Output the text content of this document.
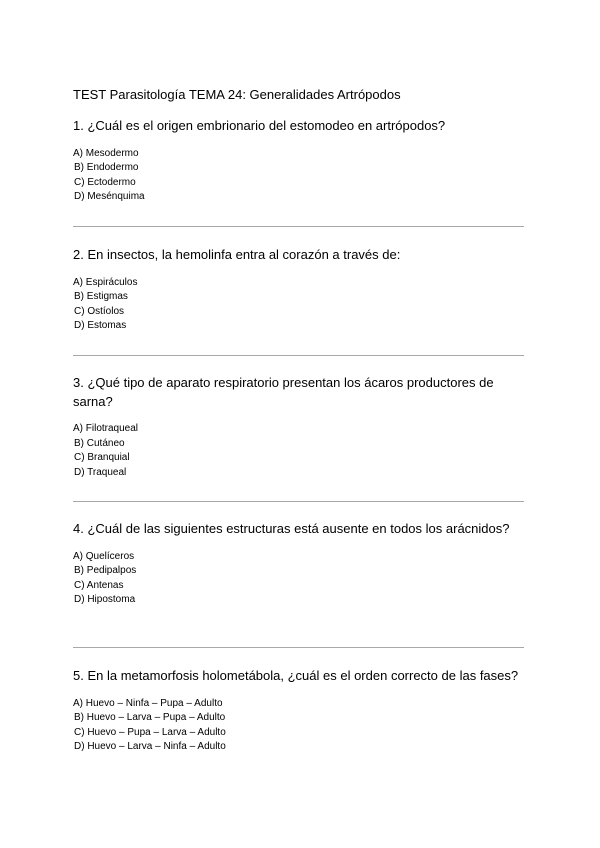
TEST Parasitología TEMA 24: Generalidades Artrópodos

1. ¿Cuál es el origen embrionario del estomodeo en artrópodos?

A) Mesodermo
B) Endodermo
C) Ectodermo
D) Mesénquima

2. En insectos, la hemolinfa entra al corazón a través de:

A) Espiráculos
B) Estigmas
C) Ostíolos
D) Estomas

3. ¿Qué tipo de aparato respiratorio presentan los ácaros productores de sarna?

A) Filotraqueal
B) Cutáneo
C) Branquial
D) Traqueal

4. ¿Cuál de las siguientes estructuras está ausente en todos los arácnidos?

A) Quelíceros
B) Pedipalpos
C) Antenas
D) Hipostoma

5. En la metamorfosis holometábola, ¿cuál es el orden correcto de las fases?

A) Huevo – Ninfa – Pupa – Adulto
B) Huevo – Larva – Pupa – Adulto
C) Huevo – Pupa – Larva – Adulto
D) Huevo – Larva – Ninfa – Adulto
